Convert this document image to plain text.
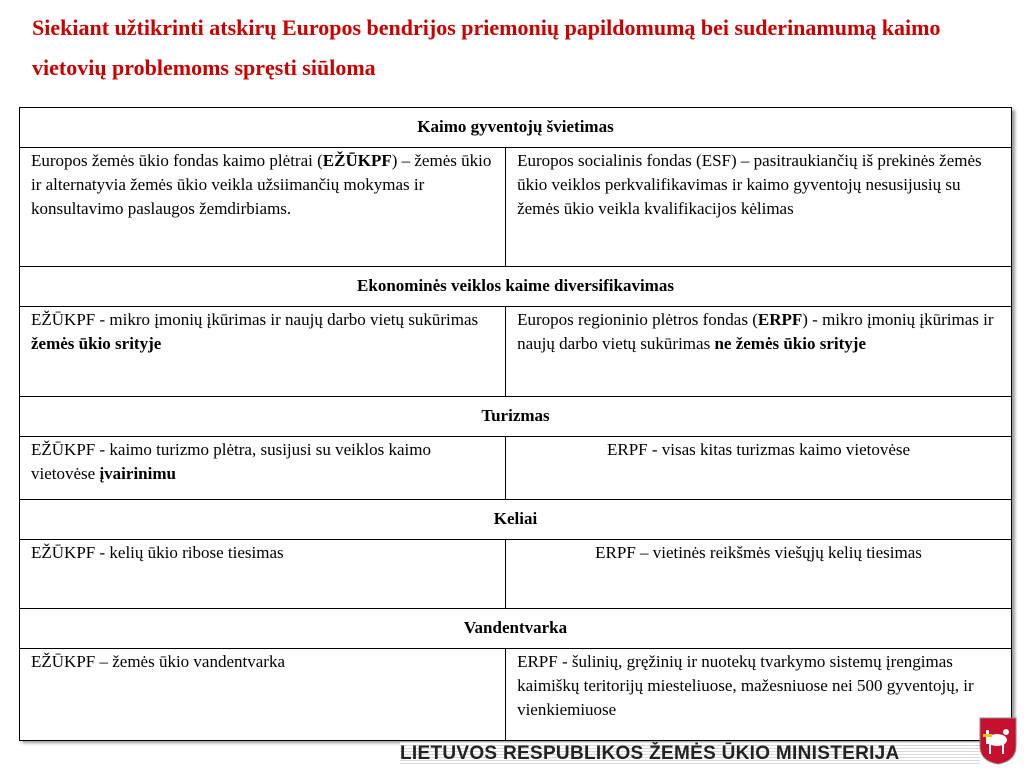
Siekiant užtikrinti atskirų Europos bendrijos priemonių papildomumą bei suderinamumą kaimo vietovių problemoms spręsti siūloma
Kaimo gyventojų švietimas	
Europos žemės ūkio fondas kaimo plėtrai (EŽŪKPF) – žemės ūkio ir alternatyvia žemės ūkio veikla užsiimančių mokymas ir konsultavimo paslaugos žemdirbiams.	Europos socialinis fondas (ESF) – pasitraukiančių iš prekinės žemės ūkio veiklos perkvalifikavimas ir kaimo gyventojų nesusijusių su žemės ūkio veikla kvalifikacijos kėlimas
Ekonominės veiklos kaime diversifikavimas	
EŽŪKPF - mikro įmonių įkūrimas ir naujų darbo vietų sukūrimas žemės ūkio srityje	Europos regioninio plėtros fondas (ERPF) - mikro įmonių įkūrimas ir naujų darbo vietų sukūrimas ne žemės ūkio srityje
Turizmas	
EŽŪKPF - kaimo turizmo plėtra, susijusi su veiklos kaimo vietovėse įvairinimu	ERPF - visas kitas turizmas kaimo vietovėse
Keliai	
EŽŪKPF - kelių ūkio ribose tiesimas	ERPF – vietinės reikšmės viešųjų kelių tiesimas
Vandentvarka	
EŽŪKPF – žemės ūkio vandentvarka	ERPF - šulinių, gręžinių ir nuotekų tvarkymo sistemų įrengimas kaimiškų teritorijų miesteliuose, mažesniuose nei 500 gyventojų, ir vienkiemiuose
LIETUVOS RESPUBLIKOS ŽEMĖS ŪKIO MINISTERIJA
